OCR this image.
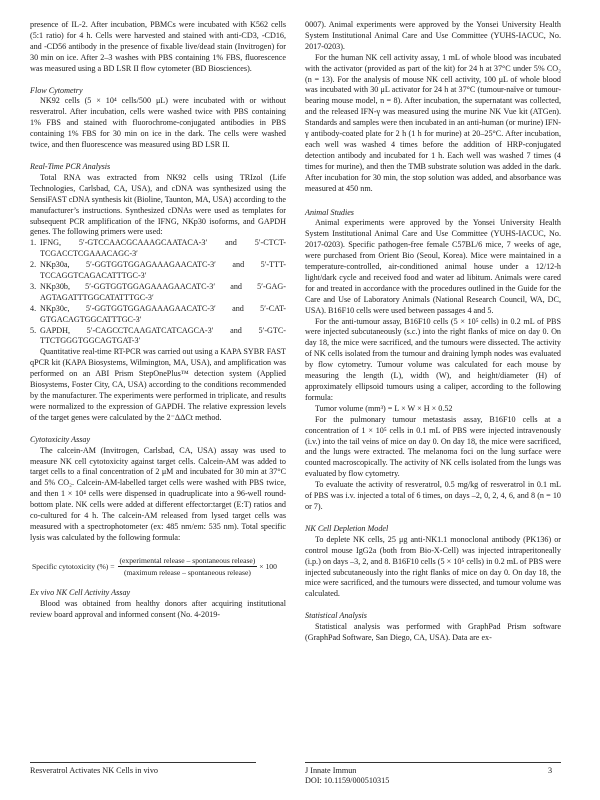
presence of IL-2. After incubation, PBMCs were incubated with K562 cells (5:1 ratio) for 4 h. Cells were harvested and stained with anti-CD3, -CD16, and -CD56 antibody in the presence of fixable live/dead stain (Invitrogen) for 30 min on ice. After 2–3 washes with PBS containing 1% FBS, fluorescence was measured using a BD LSR II flow cytometer (BD Biosciences).

Flow Cytometry

NK92 cells (5 × 10⁴ cells/500 μL) were incubated with or without resveratrol. After incubation, cells were washed twice with PBS containing 1% FBS and stained with fluorochrome-conjugated antibodies in PBS containing 1% FBS for 30 min on ice in the dark. The cells were washed twice, and then fluorescence was measured using BD LSR II.

Real-Time PCR Analysis

Total RNA was extracted from NK92 cells using TRIzol (Life Technologies, Carlsbad, CA, USA), and cDNA was synthesized using the SensiFAST cDNA synthesis kit (Bioline, Taunton, MA, USA) according to the manufacturer’s instructions. Synthesized cDNAs were used as templates for subsequent PCR amplification of the IFNG, NKp30 isoforms, and GAPDH genes. The following primers were used:

1. IFNG, 5′-GTCCAACGCAAAGCAATACA-3′ and 5′-CTCT-TCGACCTCGAAACAGC-3′
2. NKp30a, 5′-GGTGGTGGAGAAAGAACATC-3′ and 5′-TTT-TCCAGGTCAGACATTTGC-3′
3. NKp30b, 5′-GGTGGTGGAGAAAGAACATC-3′ and 5′-GAG-AGTAGATTTGGCATATTTGC-3′
4. NKp30c, 5′-GGTGGTGGAGAAAGAACATC-3′ and 5′-CAT-GTGACAGTGGCATTTGC-3′
5. GAPDH, 5′-CAGCCTCAAGATCATCAGCA-3′ and 5′-GTC-TTCTGGGTGGCAGTGAT-3′

Quantitative real-time RT-PCR was carried out using a KAPA SYBR FAST qPCR kit (KAPA Biosystems, Wilmington, MA, USA), and amplification was performed on an ABI Prism StepOnePlus™ detection system (Applied Biosystems, Foster City, CA, USA) according to the conditions recommended by the manufacturer. The experiments were performed in triplicate, and results were normalized to the expression of GAPDH. The relative expression levels of the target genes were calculated by the 2⁻ΔΔCt method.

Cytotoxicity Assay

The calcein-AM (Invitrogen, Carlsbad, CA, USA) assay was used to measure NK cell cytotoxicity against target cells. Calcein-AM was added to target cells to a final concentration of 2 μM and incubated for 30 min at 37°C and 5% CO₂. Calcein-AM-labelled target cells were washed with PBS twice, and then 1 × 10⁴ cells were dispensed in quadruplicate into a 96-well round-bottom plate. NK cells were added at different effector:target (E:T) ratios and co-cultured for 4 h. The calcein-AM released from lysed target cells was measured with a spectrophotometer (ex: 485 nm/em: 535 nm). Total specific lysis was calculated by the following formula:

Specific cytotoxicity (%) = $\frac{\text{(experimental release – spontaneous release)}}{\text{(maximum release – spontaneous release)}} \times 100$

Ex vivo NK Cell Activity Assay

Blood was obtained from healthy donors after acquiring institutional review board approval and informed consent (No. 4-2019-

0007). Animal experiments were approved by the Yonsei University Health System Institutional Animal Care and Use Committee (YUHS-IACUC, No. 2017-0203).

For the human NK cell activity assay, 1 mL of whole blood was incubated with the activator (provided as part of the kit) for 24 h at 37°C under 5% CO₂ (n = 13). For the analysis of mouse NK cell activity, 100 μL of whole blood was incubated with 30 μL activator for 24 h at 37°C (tumour-naïve or tumour-bearing mouse model, n = 8). After incubation, the supernatant was collected, and the released IFN-γ was measured using the murine NK Vue kit (ATGen). Standards and samples were then incubated in an anti-human (or murine) IFN-γ antibody-coated plate for 2 h (1 h for murine) at 20–25°C. After incubation, each well was washed 4 times before the addition of HRP-conjugated detection antibody and incubated for 1 h. Each well was washed 7 times (4 times for murine), and then the TMB substrate solution was added in the dark. After incubation for 30 min, the stop solution was added, and absorbance was measured at 450 nm.

Animal Studies

Animal experiments were approved by the Yonsei University Health System Institutional Animal Care and Use Committee (YUHS-IACUC, No. 2017-0203). Specific pathogen-free female C57BL/6 mice, 7 weeks of age, were purchased from Orient Bio (Seoul, Korea). Mice were maintained in a temperature-controlled, air-conditioned animal house under a 12/12-h light/dark cycle and received food and water ad libitum. Animals were cared for and treated in accordance with the procedures outlined in the Guide for the Care and Use of Laboratory Animals (National Research Council, WA, DC, USA). B16F10 cells were used between passages 4 and 5.

For the anti-tumour assay, B16F10 cells (5 × 10⁵ cells) in 0.2 mL of PBS were injected subcutaneously (s.c.) into the right flanks of mice on day 0. On day 18, the mice were sacrificed, and the tumours were dissected. The activity of NK cells isolated from the tumour and draining lymph nodes was evaluated by flow cytometry. Tumour volume was calculated for each mouse by measuring the length (L), width (W), and height/diameter (H) of approximately ellipsoid tumours using a caliper, according to the following formula:

Tumor volume (mm³) = L × W × H × 0.52

For the pulmonary tumour metastasis assay, B16F10 cells at a concentration of 1 × 10⁵ cells in 0.1 mL of PBS were injected intravenously (i.v.) into the tail veins of mice on day 0. On day 18, the mice were sacrificed, and the lungs were extracted. The melanoma foci on the lung surface were counted macroscopically. The activity of NK cells isolated from the lungs was evaluated by flow cytometry.

To evaluate the activity of resveratrol, 0.5 mg/kg of resveratrol in 0.1 mL of PBS was i.v. injected a total of 6 times, on days –2, 0, 2, 4, 6, and 8 (n = 10 or 7).

NK Cell Depletion Model

To deplete NK cells, 25 μg anti-NK1.1 monoclonal antibody (PK136) or control mouse IgG2a (both from Bio-X-Cell) was injected intraperitoneally (i.p.) on days –3, 2, and 8. B16F10 cells (5 × 10⁵ cells) in 0.2 mL of PBS were injected subcutaneously into the right flanks of mice on day 0. On day 18, the mice were sacrificed, and the tumours were dissected, and tumour volume was calculated.

Statistical Analysis

Statistical analysis was performed with GraphPad Prism software (GraphPad Software, San Diego, CA, USA). Data are ex-

Resveratrol Activates NK Cells in vivo	J Innate Immun
DOI: 10.1159/000510315
3
